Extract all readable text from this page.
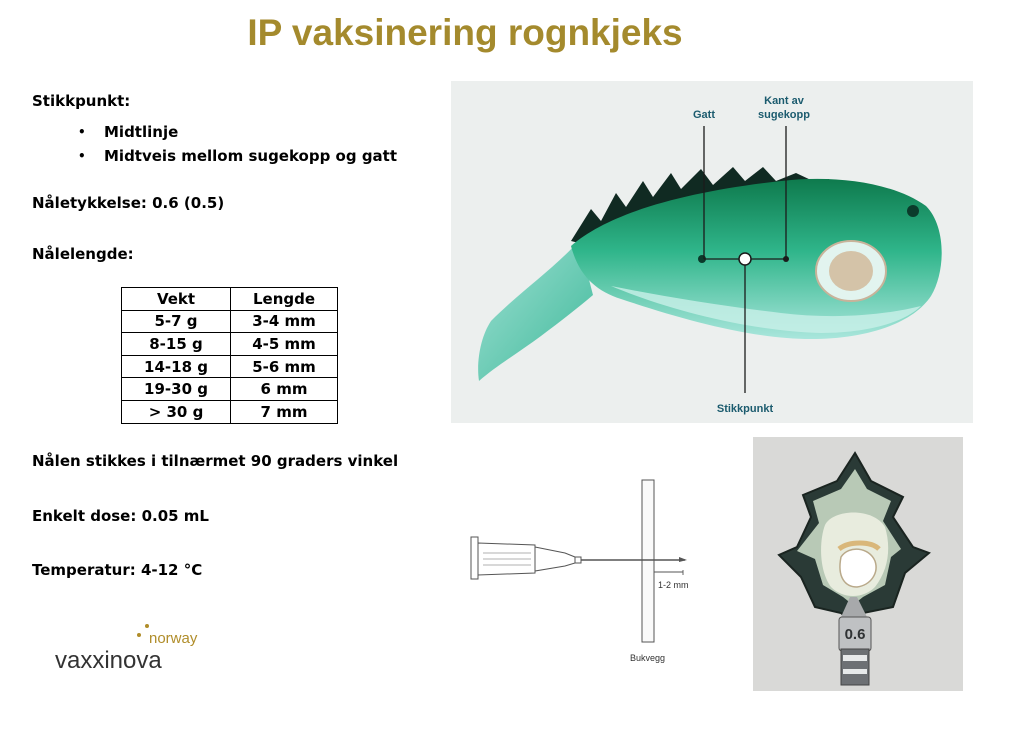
IP vaksinering rognkjeks
Stikkpunkt:
•	Midtlinje
•	Midtveis mellom sugekopp og gatt
Nåletykkelse: 0.6 (0.5)
Nålelengde:
Vekt	Lengde
5-7 g	3-4 mm
8-15 g	4-5 mm
14-18 g	5-6 mm
19-30 g	6 mm
> 30 g	7 mm
Nålen stikkes i tilnærmet 90 graders vinkel
Enkelt dose: 0.05 mL
Temperatur: 4-12 °C
Gatt
Kant av
sugekopp
Stikkpunkt
1-2 mm
Bukvegg
0.6
norway
vaxxinova
